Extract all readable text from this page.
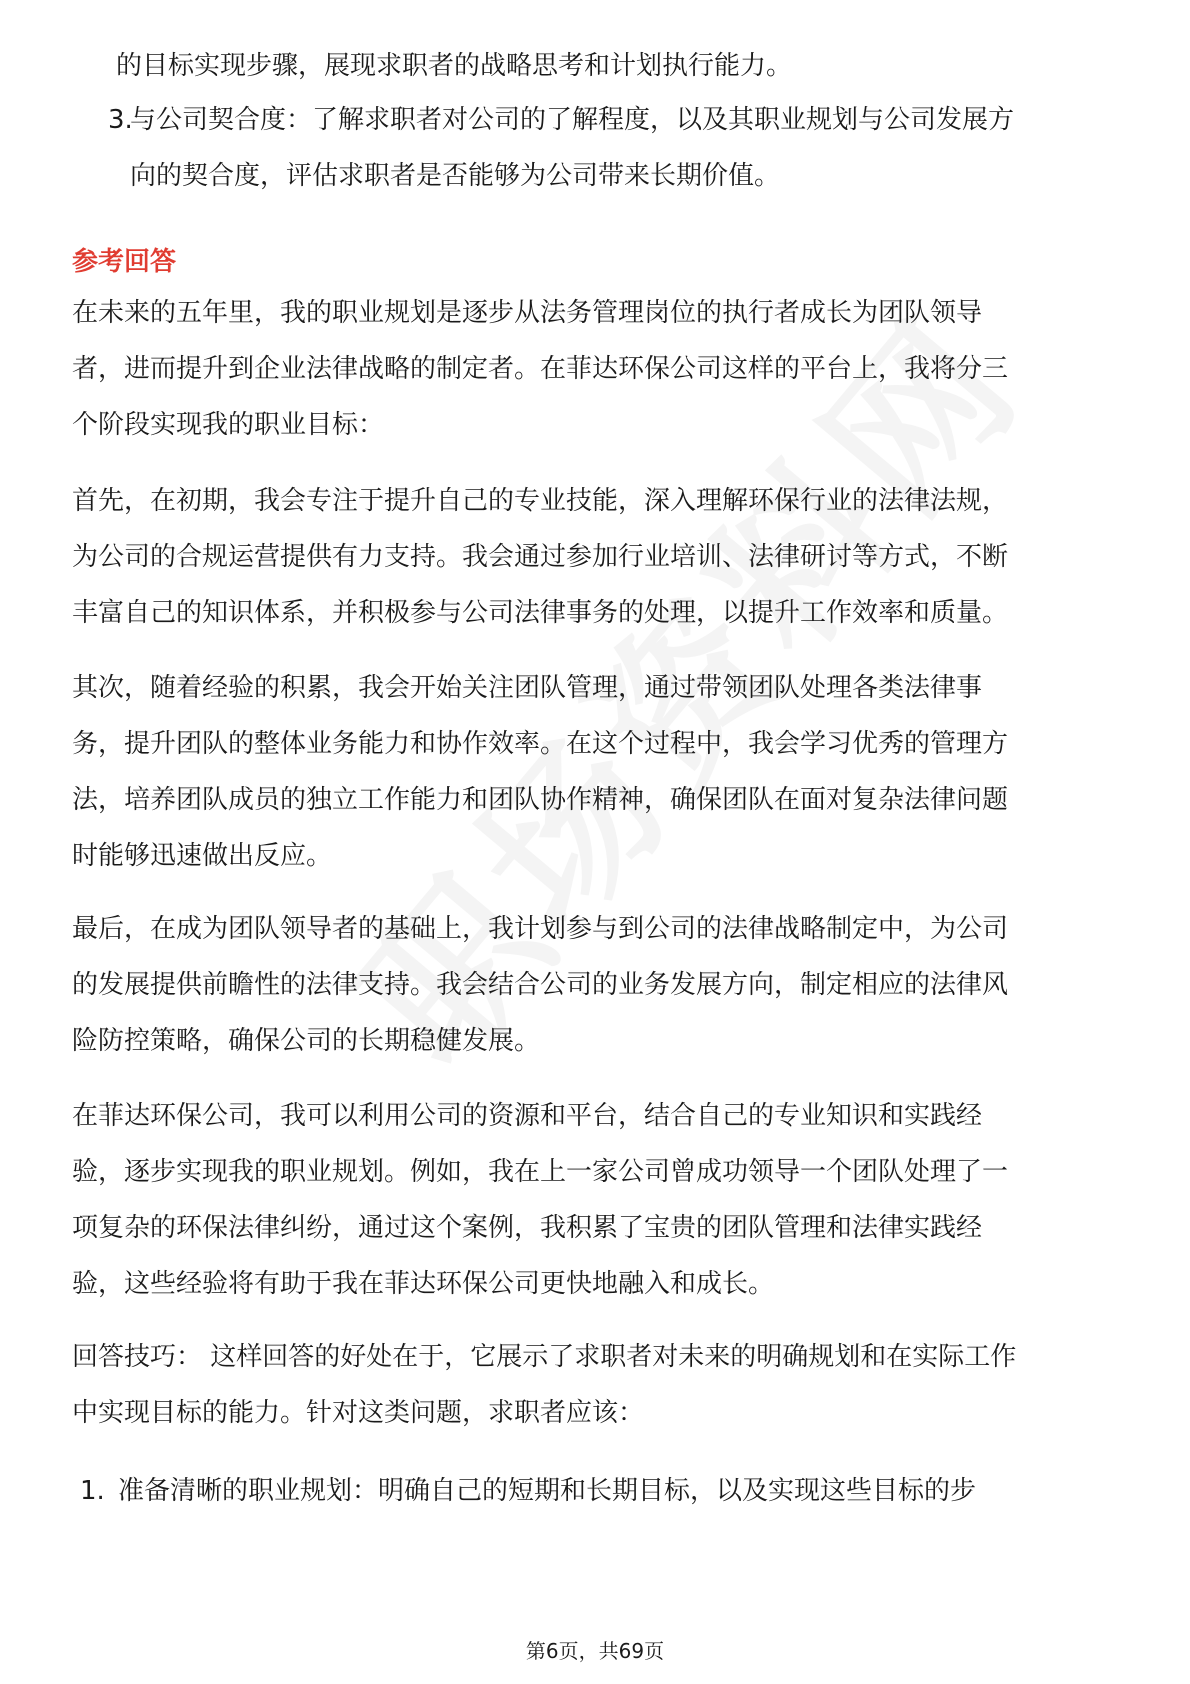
的目标实现步骤，展现求职者的战略思考和计划执行能力。
3.
与公司契合度：了解求职者对公司的了解程度，以及其职业规划与公司发展方
向的契合度，评估求职者是否能够为公司带来长期价值。
参考回答
在未来的五年里，我的职业规划是逐步从法务管理岗位的执行者成长为团队领导
者，进而提升到企业法律战略的制定者。在菲达环保公司这样的平台上，我将分三
个阶段实现我的职业目标：
首先，在初期，我会专注于提升自己的专业技能，深入理解环保行业的法律法规，
为公司的合规运营提供有力支持。我会通过参加行业培训、法律研讨等方式，不断
丰富自己的知识体系，并积极参与公司法律事务的处理，以提升工作效率和质量。
其次，随着经验的积累，我会开始关注团队管理，通过带领团队处理各类法律事
务，提升团队的整体业务能力和协作效率。在这个过程中，我会学习优秀的管理方
法，培养团队成员的独立工作能力和团队协作精神，确保团队在面对复杂法律问题
时能够迅速做出反应。
最后，在成为团队领导者的基础上，我计划参与到公司的法律战略制定中，为公司
的发展提供前瞻性的法律支持。我会结合公司的业务发展方向，制定相应的法律风
险防控策略，确保公司的长期稳健发展。
在菲达环保公司，我可以利用公司的资源和平台，结合自己的专业知识和实践经
验，逐步实现我的职业规划。例如，我在上一家公司曾成功领导一个团队处理了一
项复杂的环保法律纠纷，通过这个案例，我积累了宝贵的团队管理和法律实践经
验，这些经验将有助于我在菲达环保公司更快地融入和成长。
回答技巧： 这样回答的好处在于，它展示了求职者对未来的明确规划和在实际工作
中实现目标的能力。针对这类问题，求职者应该：
1. 准备清晰的职业规划：明确自己的短期和长期目标，以及实现这些目标的步
第6页，共69页
